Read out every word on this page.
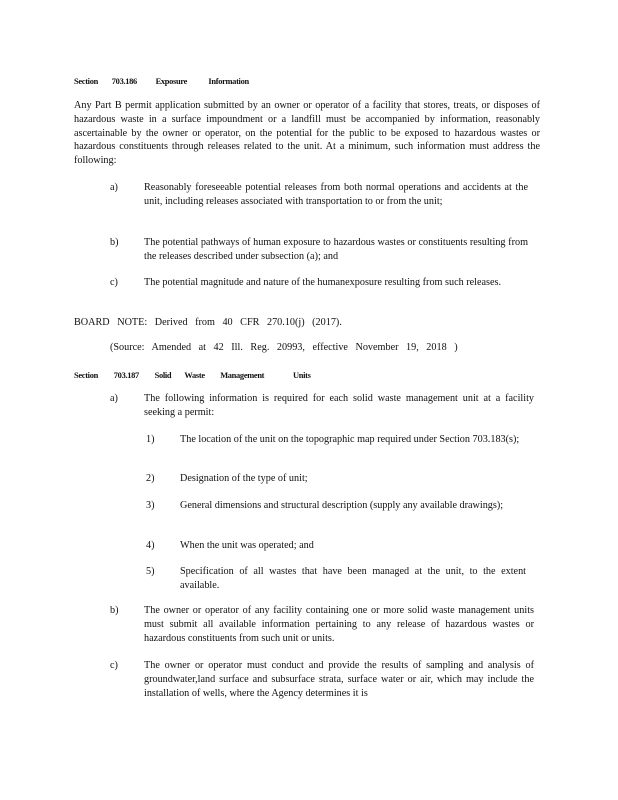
Section 703.186 Exposure	Information
Any Part B permit application submitted by an owner or operator of a facility that stores, treats, or disposes of hazardous waste in a surface impoundment or a landfill must be accompanied by information, reasonably ascertainable by the owner or operator, on the potential for the public to be exposed to hazardous wastes or hazardous constituents through releases related to the unit. At a minimum, such information must address the following:
a)	Reasonably foreseeable potential releases from both normal operations and accidents at the unit, including releases associated with transportation to or from the unit;
b)	The potential pathways of human exposure to hazardous wastes or constituents resulting from the releases described under subsection (a); and
c)	The potential magnitude and nature of the humanexposure resulting from such releases.
BOARD NOTE: Derived from 40 CFR 270.10(j) (2017).
(Source: Amended at 42 Ill. Reg. 20993, effective November 19, 2018 )
Section 703.187 Solid Waste Management	Units
a)	The following information is required for each solid waste management unit at a facility seeking a permit:
1)	The location of the unit on the topographic map required under Section 703.183(s);
2)	Designation of the type of unit;
3)	General dimensions and structural description (supply any available drawings);
4)	When the unit was operated; and
5)	Specification of all wastes that have been managed at the unit, to the extent available.
b)	The owner or operator of any facility containing one or more solid waste management units must submit all available information pertaining to any release of hazardous wastes or hazardous constituents from such unit or units.
c)	The owner or operator must conduct and provide the results of sampling and analysis of groundwater,land surface and subsurface strata, surface water or air, which may include the installation of wells, where the Agency determines it is
